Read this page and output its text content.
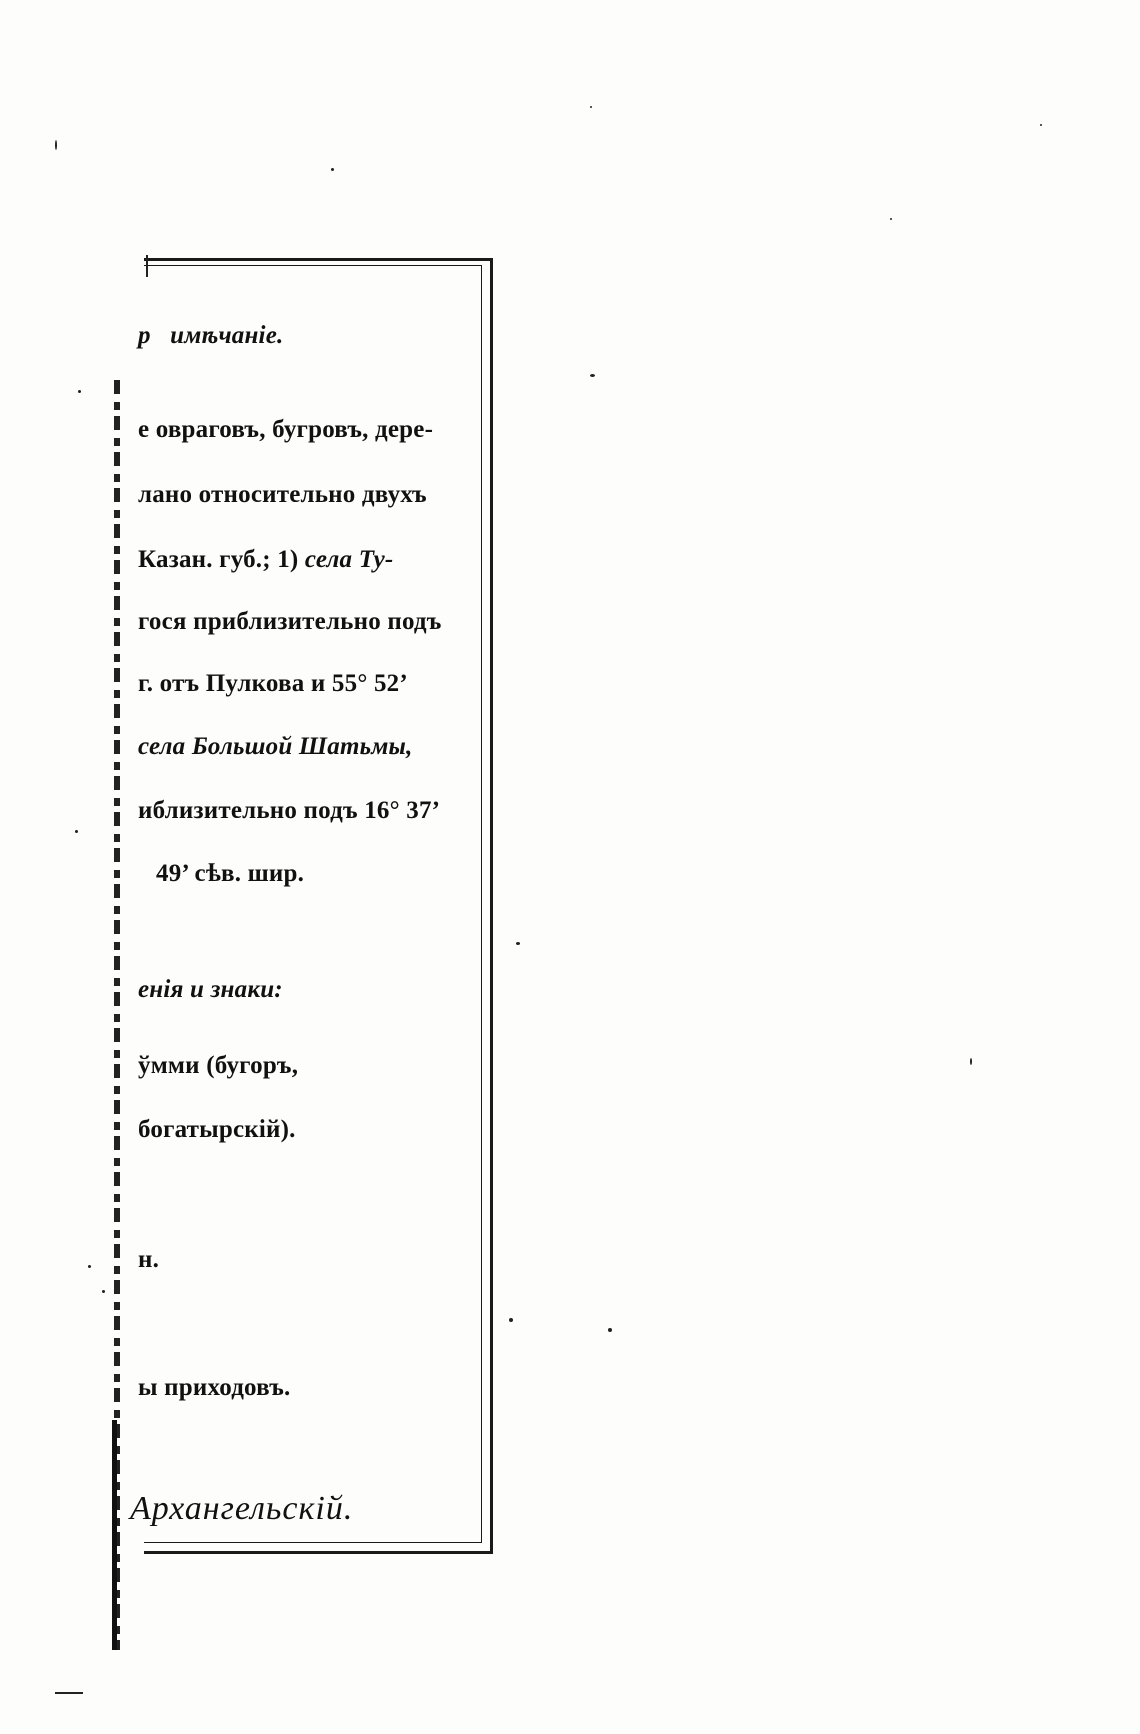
рꙵимѣчаніе.
е овраговъ, бугровъ, дере-
лано относительно двухъ
Казан. губ.; 1) села Ту-
гося приблизительно подъ
г. отъ Пулкова и 55° 52’
села Большой Шатьмы,
иблизительно подъ 16° 37’
49’ сѣв. шир.
енія и знаки:
ўмми (бугоръ,
богатырскій).
н.
ы приходовъ.
Архангельскій.
